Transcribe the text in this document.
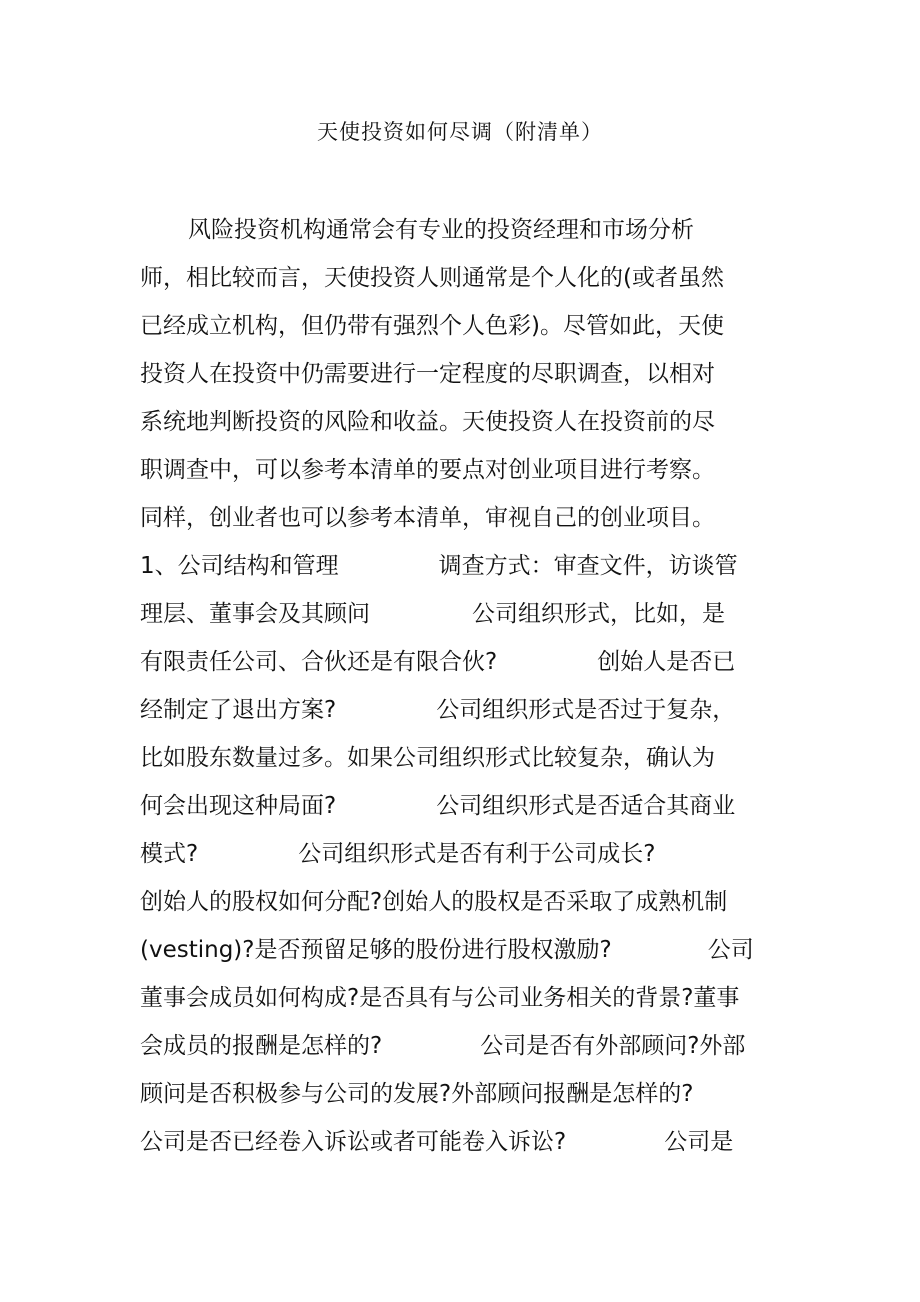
天使投资如何尽调（附清单）
风险投资机构通常会有专业的投资经理和市场分析
师，相比较而言，天使投资人则通常是个人化的(或者虽然
已经成立机构，但仍带有强烈个人色彩)。尽管如此，天使
投资人在投资中仍需要进行一定程度的尽职调查，以相对
系统地判断投资的风险和收益。天使投资人在投资前的尽
职调查中，可以参考本清单的要点对创业项目进行考察。
同样，创业者也可以参考本清单，审视自己的创业项目。
1、公司结构和管理	调查方式：审查文件，访谈管
理层、董事会及其顾问	公司组织形式，比如，是
有限责任公司、合伙还是有限合伙?	创始人是否已
经制定了退出方案?	公司组织形式是否过于复杂，
比如股东数量过多。如果公司组织形式比较复杂，确认为
何会出现这种局面?	公司组织形式是否适合其商业
模式?	公司组织形式是否有利于公司成长?
创始人的股权如何分配?创始人的股权是否采取了成熟机制
(vesting)?是否预留足够的股份进行股权激励?	公司
董事会成员如何构成?是否具有与公司业务相关的背景?董事
会成员的报酬是怎样的?	公司是否有外部顾问?外部
顾问是否积极参与公司的发展?外部顾问报酬是怎样的?
公司是否已经卷入诉讼或者可能卷入诉讼?	公司是
